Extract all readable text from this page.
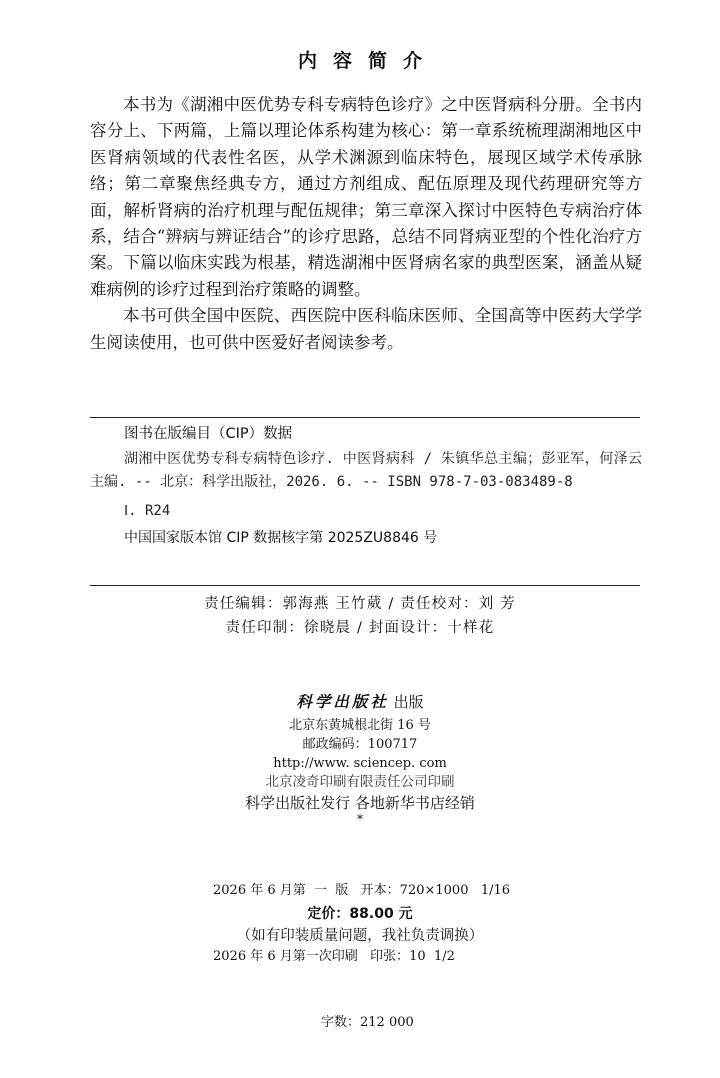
内容简介

本书为《湖湘中医优势专科专病特色诊疗》之中医肾病科分册。全书内容分上、下两篇，上篇以理论体系构建为核心：第一章系统梳理湖湘地区中医肾病领域的代表性名医，从学术渊源到临床特色，展现区域学术传承脉络；第二章聚焦经典专方，通过方剂组成、配伍原理及现代药理研究等方面，解析肾病的治疗机理与配伍规律；第三章深入探讨中医特色专病治疗体系，结合“辨病与辨证结合”的诊疗思路，总结不同肾病亚型的个性化治疗方案。下篇以临床实践为根基，精选湖湘中医肾病名家的典型医案，涵盖从疑难病例的诊疗过程到治疗策略的调整。

本书可供全国中医院、西医院中医科临床医师、全国高等中医药大学学生阅读使用，也可供中医爱好者阅读参考。

图书在版编目（CIP）数据
湖湘中医优势专科专病特色诊疗. 中医肾病科 / 朱镇华总主编；彭亚军，何泽云主编. -- 北京：科学出版社，2026. 6. -- ISBN 978-7-03-083489-8
Ⅰ. R24
中国国家版本馆 CIP 数据核字第 2025ZU8846 号
责任编辑：郭海燕 王竹葳 / 责任校对：刘 芳
责任印制：徐晓晨 / 封面设计：十样花
科学出版社 出版
北京东黄城根北街 16 号
邮政编码：100717
http://www. sciencep. com
北京凌奇印刷有限责任公司印刷
科学出版社发行 各地新华书店经销
*

2026 年 6 月第  一  版   开本：720×1000   1/16

2026 年 6 月第一次印刷   印张：10  1/2

字数：212 000

定价：88.00 元
（如有印装质量问题，我社负责调换）
